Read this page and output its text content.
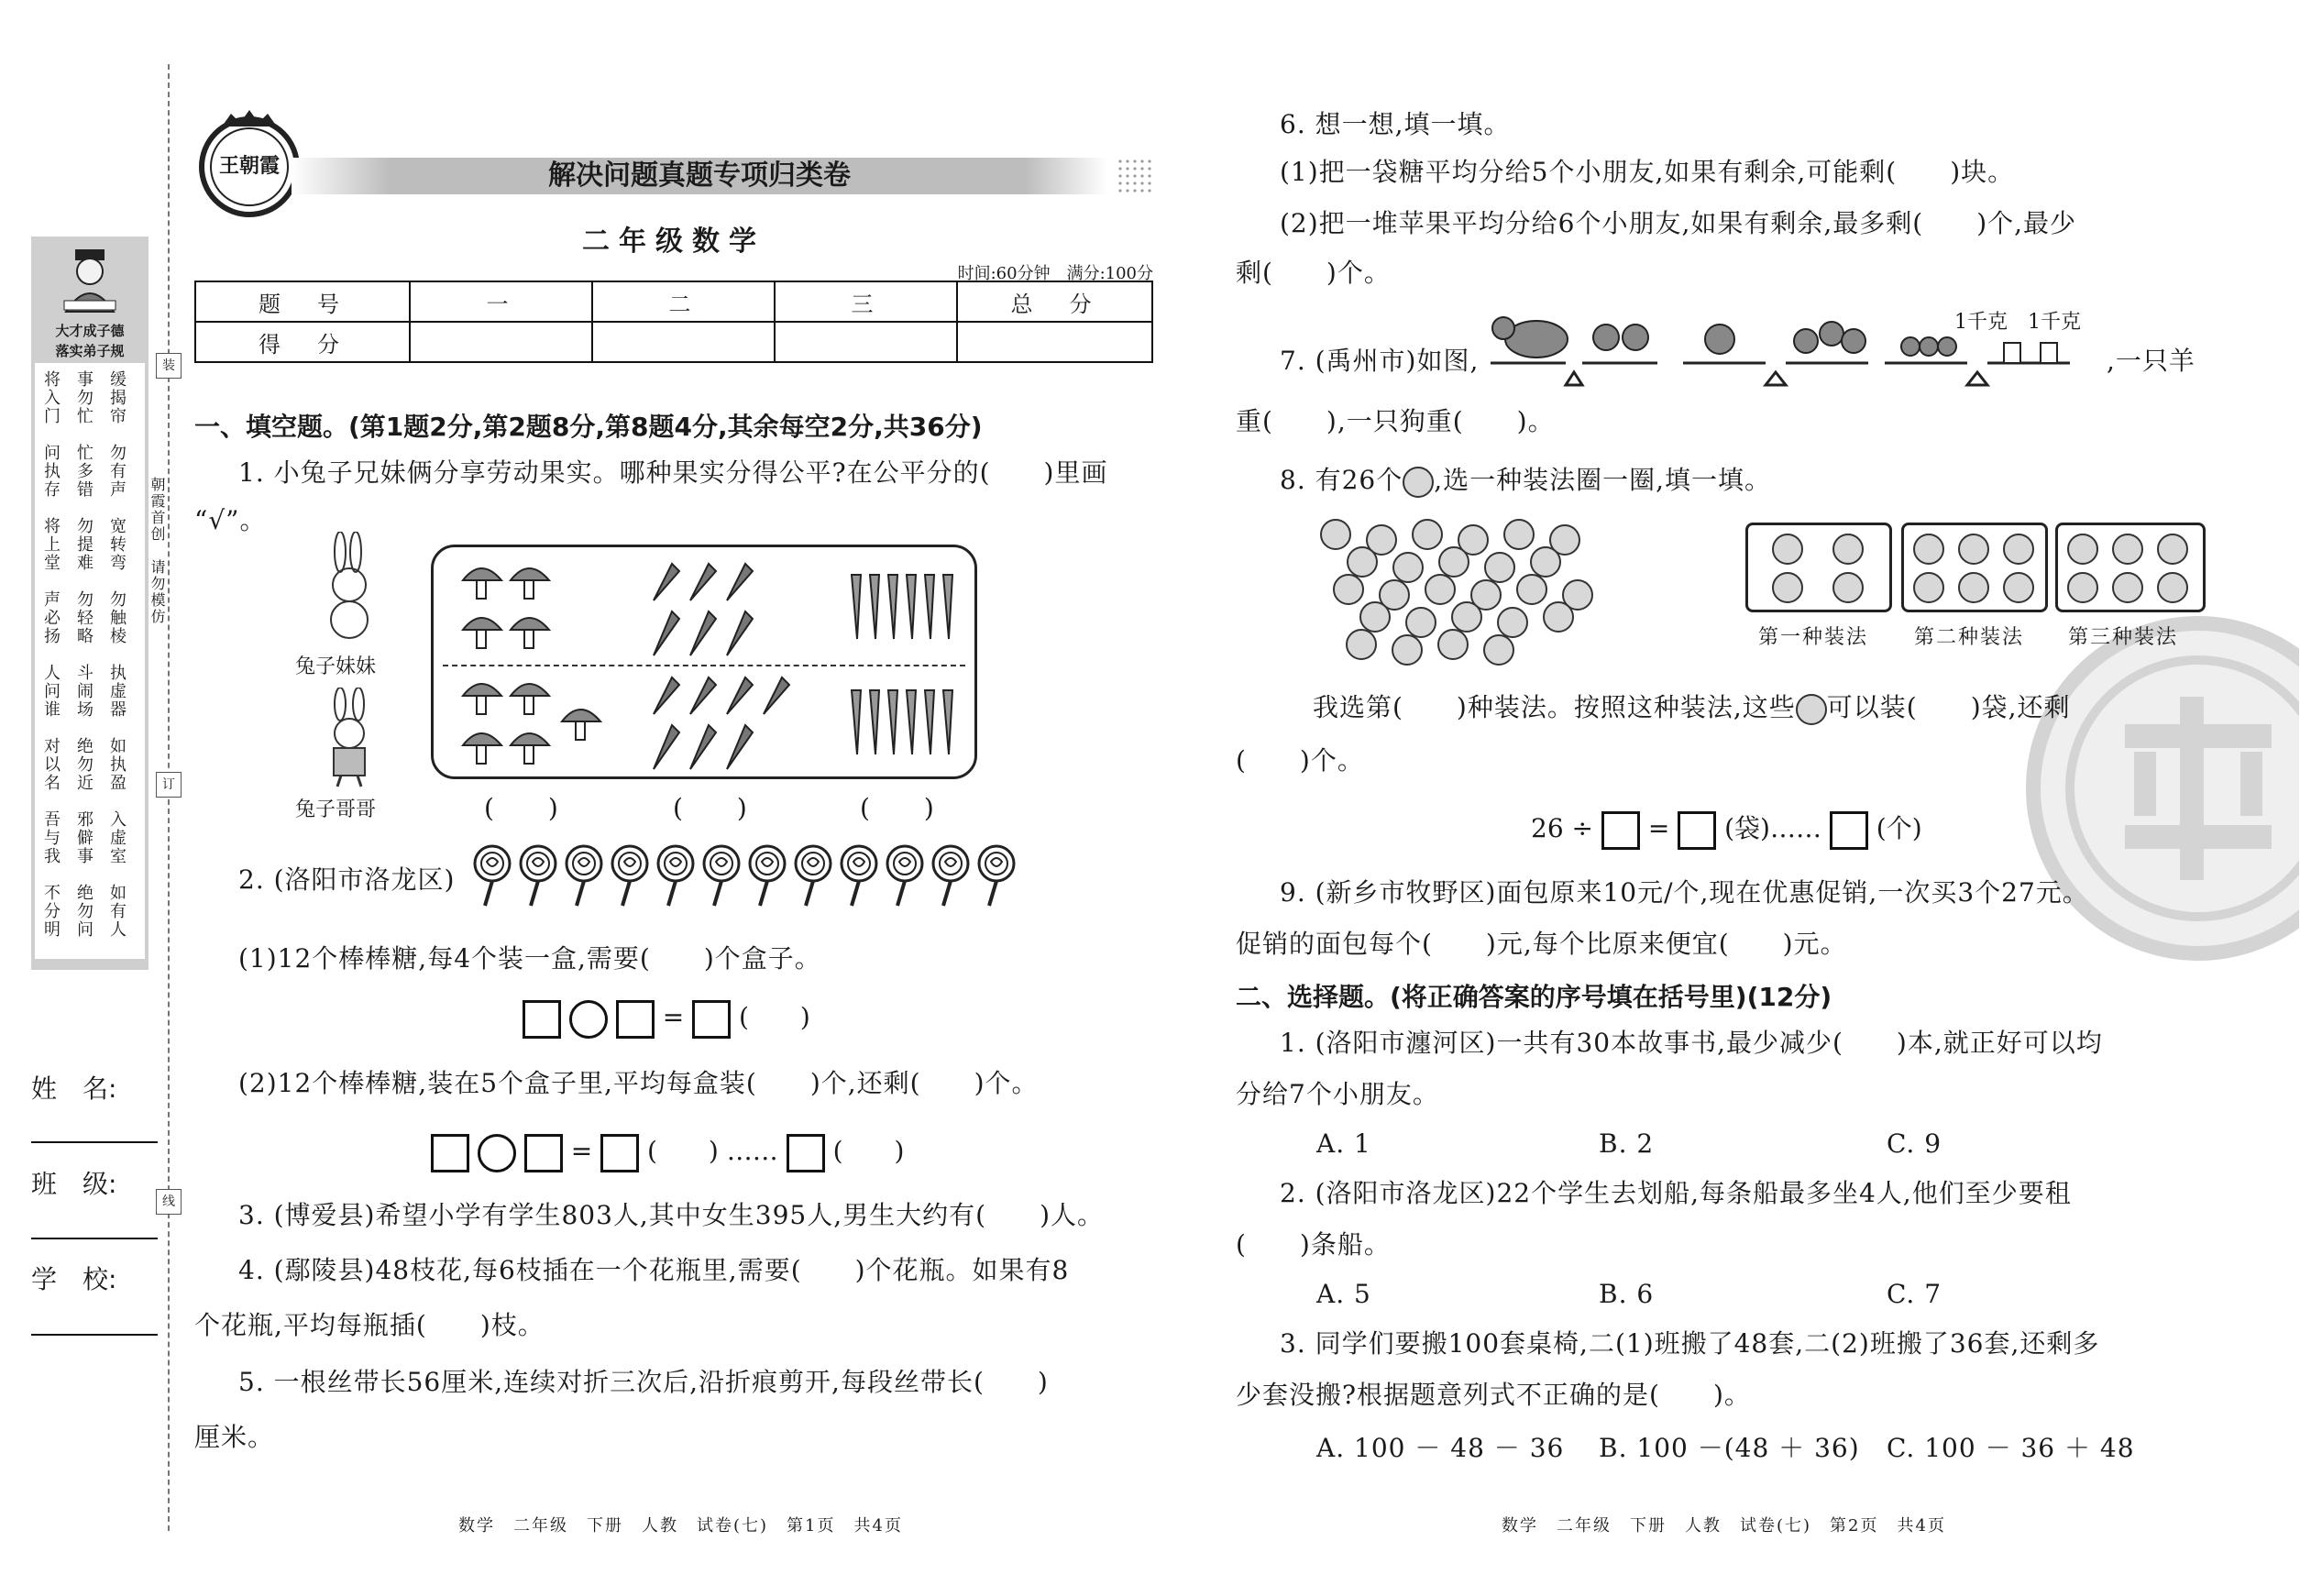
大才成子德
落实弟子规
将入门 事勿忙 缓揭帘
问执存 忙多错 勿有声
将上堂 勿提难 宽转弯
声必扬 勿轻略 勿触棱
人问谁 斗闹场 执虚器
对以名 绝勿近 如执盈
吾与我 邪僻事 入虚室
不分明 绝勿问 如有人
朝霞首创　请勿模仿
装
订
线
姓　名:
班　级:
学　校:
王朝霞	解决问题真题专项归类卷
二年级数学
时间:60分钟　满分:100分
题　号	一	二	三	总　分
得　分				
一、填空题。(第1题2分,第2题8分,第8题4分,其余每空2分,共36分)
1. 小兔子兄妹俩分享劳动果实。哪种果实分得公平?在公平分的(　　)里画
“√”。
兔子妹妹
兔子哥哥	(　　)	(　　)	(　　)
2. (洛阳市洛龙区)
(1)12个棒棒糖,每4个装一盒,需要(　　)个盒子。
= (　　)
(2)12个棒棒糖,装在5个盒子里,平均每盒装(　　)个,还剩(　　)个。
= (　　) …… (　　)
3. (博爱县)希望小学有学生803人,其中女生395人,男生大约有(　　)人。
4. (鄢陵县)48枝花,每6枝插在一个花瓶里,需要(　　)个花瓶。如果有8
个花瓶,平均每瓶插(　　)枝。
5. 一根丝带长56厘米,连续对折三次后,沿折痕剪开,每段丝带长(　　)
厘米。
数学　二年级　下册　人教　试卷(七)　第1页　共4页
6. 想一想,填一填。
(1)把一袋糖平均分给5个小朋友,如果有剩余,可能剩(　　)块。
(2)把一堆苹果平均分给6个小朋友,如果有剩余,最多剩(　　)个,最少
剩(　　)个。
7. (禹州市)如图,
1千克 1千克
,一只羊
重(　　),一只狗重(　　)。
8. 有26个 ,选一种装法圈一圈,填一填。
第一种装法 第二种装法 第三种装法
我选第(　　)种装法。按照这种装法,这些 可以装(　　)袋,还剩
(　　)个。
26 ÷ = (袋)…… (个)
9. (新乡市牧野区)面包原来10元/个,现在优惠促销,一次买3个27元。
促销的面包每个(　　)元,每个比原来便宜(　　)元。
二、选择题。(将正确答案的序号填在括号里)(12分)
1. (洛阳市瀍河区)一共有30本故事书,最少减少(　　)本,就正好可以均
分给7个小朋友。
A. 1	B. 2	C. 9
2. (洛阳市洛龙区)22个学生去划船,每条船最多坐4人,他们至少要租
(　　)条船。
A. 5	B. 6	C. 7
3. 同学们要搬100套桌椅,二(1)班搬了48套,二(2)班搬了36套,还剩多
少套没搬?根据题意列式不正确的是(　　)。
A. 100 － 48 － 36 B. 100 －(48 ＋ 36) C. 100 － 36 ＋ 48
数学　二年级　下册　人教　试卷(七)　第2页　共4页
